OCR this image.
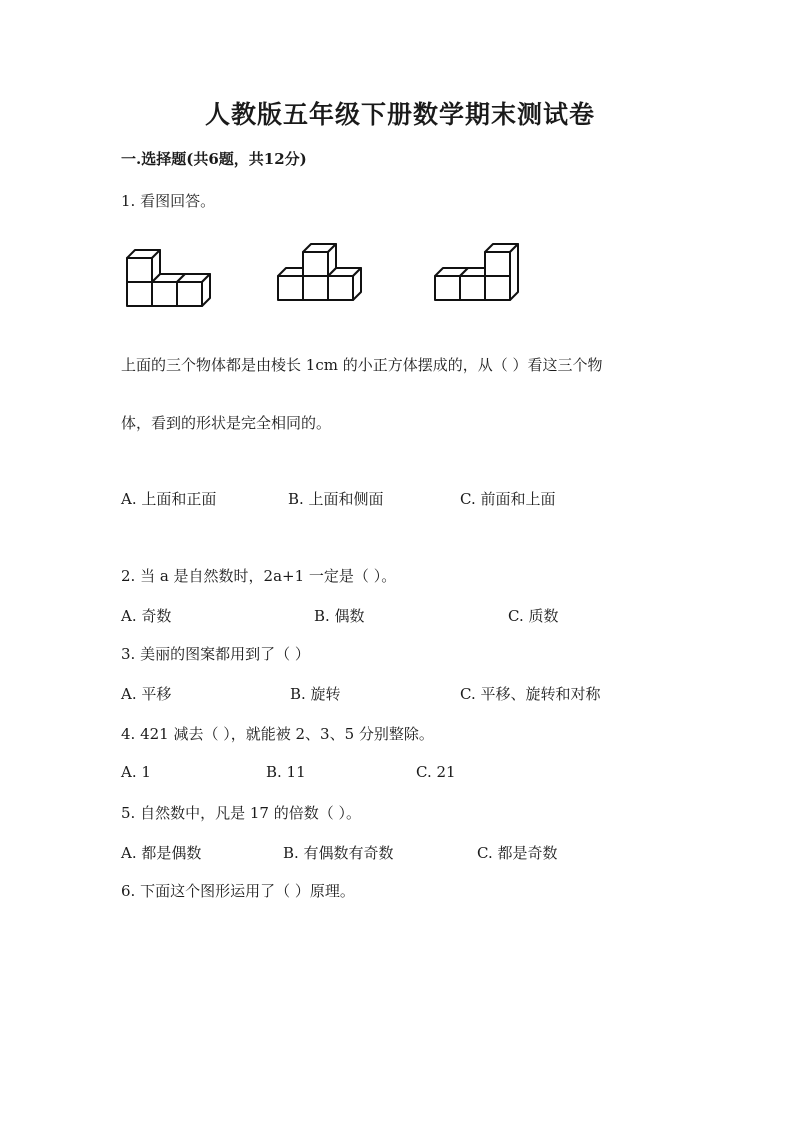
人教版五年级下册数学期末测试卷
一.选择题(共6题，共12分)
1. 看图回答。
上面的三个物体都是由棱长 1cm 的小正方体摆成的，从（ ）看这三个物
体，看到的形状是完全相同的。
A. 上面和正面	B. 上面和侧面	C. 前面和上面
2. 当 a 是自然数时，2a+1 一定是（ ）。
A. 奇数	B. 偶数	C. 质数
3. 美丽的图案都用到了（ ）
A. 平移	B. 旋转	C. 平移、旋转和对称
4. 421 减去（ ），就能被 2、3、5 分别整除。
A. 1	B. 11	C. 21
5. 自然数中，凡是 17 的倍数（ ）。
A. 都是偶数	B. 有偶数有奇数	C. 都是奇数
6. 下面这个图形运用了（ ）原理。
